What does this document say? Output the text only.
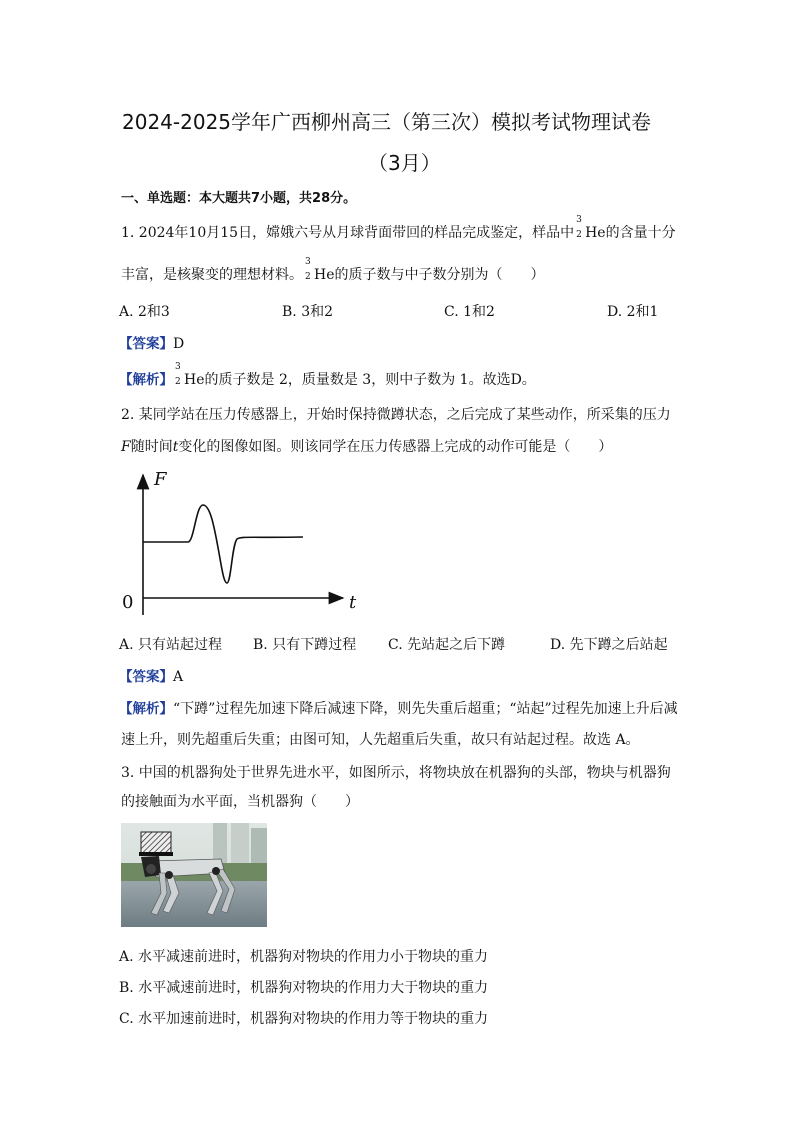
2024-2025学年广西柳州高三（第三次）模拟考试物理试卷
（3月）
一、单选题：本大题共7小题，共28分。
1. 2024年10月15日，嫦娥六号从月球背面带回的样品完成鉴定，样品中
3
2 He的含量十分
丰富，是核聚变的理想材料。
3
2 He的质子数与中子数分别为（　　）
A. 2和3	B. 3和2	C. 1和2	D. 2和1
【答案】D
【解析】
3
2 He的质子数是 2，质量数是 3，则中子数为 1。故选D。
2. 某同学站在压力传感器上，开始时保持微蹲状态，之后完成了某些动作，所采集的压力
F随时间t变化的图像如图。则该同学在压力传感器上完成的动作可能是（　　）
F
t
0
A. 只有站起过程 B. 只有下蹲过程 C. 先站起之后下蹲	D. 先下蹲之后站起
【答案】A
【解析】“下蹲”过程先加速下降后减速下降，则先失重后超重；“站起”过程先加速上升后减
速上升，则先超重后失重；由图可知，人先超重后失重，故只有站起过程。故选 A。
3. 中国的机器狗处于世界先进水平，如图所示，将物块放在机器狗的头部，物块与机器狗
的接触面为水平面，当机器狗（　　）
A. 水平减速前进时，机器狗对物块的作用力小于物块的重力
B. 水平减速前进时，机器狗对物块的作用力大于物块的重力
C. 水平加速前进时，机器狗对物块的作用力等于物块的重力
